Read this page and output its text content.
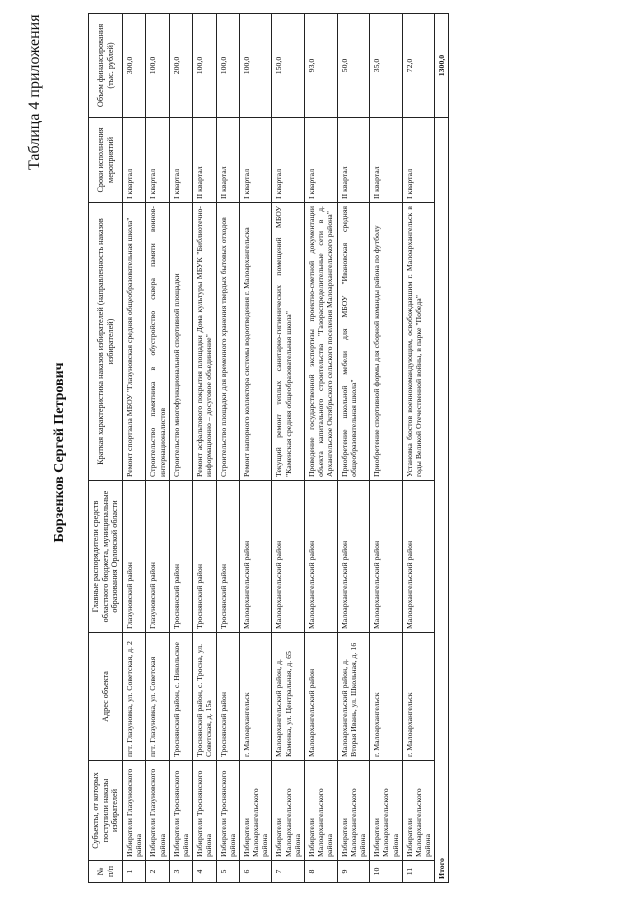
Таблица 4 приложения
Борзенков Сергей Петрович
№ п/п	Субъекты, от которых поступили наказы избирателей	Адрес объекта	Главные распорядители средств областного бюджета, муниципальные образования Орловской области	Краткая характеристика наказов избирателей (направленность наказов избирателей)	Сроки исполнения мероприятий	Объем финансирования (тыс. рублей)
1	Избиратели Глазуновского района	пгт. Глазуновка, ул. Советская, д. 2	Глазуновский район	Ремонт спортзала МБОУ "Глазуновская средняя общеобразовательная школа"	I квартал	300,0
2	Избиратели Глазуновского района	пгт. Глазуновка, ул. Советская	Глазуновский район	Строительство памятника в обустройство сквера памяти воинов-интернационалистов	I квартал	100,0
3	Избиратели Троснянского района	Троснянский район, с. Никольское	Троснянский район	Строительство многофункциональной спортивной площадки	I квартал	200,0
4	Избиратели Троснянского района	Троснянский район, с. Тросна, ул. Советская, д. 15а	Троснянский район	Ремонт асфальтового покрытия площадки Дома культуры МБУК "Библиотечно-информационно – досуговое объединение"	II квартал	100,0
5	Избиратели Троснянского района	Троснянский район	Троснянский район	Строительство площадки для временного хранения твердых бытовых отходов	II квартал	100,0
6	Избиратели Малоархангельского района	г. Малоархангельск	Малоархангельский район	Ремонт напорного коллектора системы водоотведения г. Малоархангельска	I квартал	100,0
7	Избиратели Малоархангельского района	Малоархангельский район, д. Каменка, ул. Центральная, д. 65	Малоархангельский район	Текущий ремонт теплых санитарно-гигиенических помещений МБОУ "Каменская средняя общеобразовательная школа"	I квартал	150,0
8	Избиратели Малоархангельского района	Малоархангельский район	Малоархангельский район	Проведение государственной экспертизы проектно-сметной документации объекта капитального строительства "Газораспределительные сети в д. Архангельское Октябрьского сельского поселения Малоархангельского района"	I квартал	93,0
9	Избиратели Малоархангельского района	Малоархангельский район, д. Вторая Ивань, ул. Школьная, д. 16	Малоархангельский район	Приобретение школьной мебели для МБОУ "Ивановская средняя общеобразовательная школа"	II квартал	50,0
10	Избиратели Малоархангельского района	г. Малоархангельск	Малоархангельский район	Приобретение спортивной формы для сборной команды района по футболу	II квартал	35,0
11	Избиратели Малоархангельского района	г. Малоархангельск	Малоархангельский район	Установка бюстов военнокомандующим, освобождавшим г. Малоархангельск в годы Великой Отечественной войны, в парке "Победа"	I квартал	72,0
Итого						1300,0
